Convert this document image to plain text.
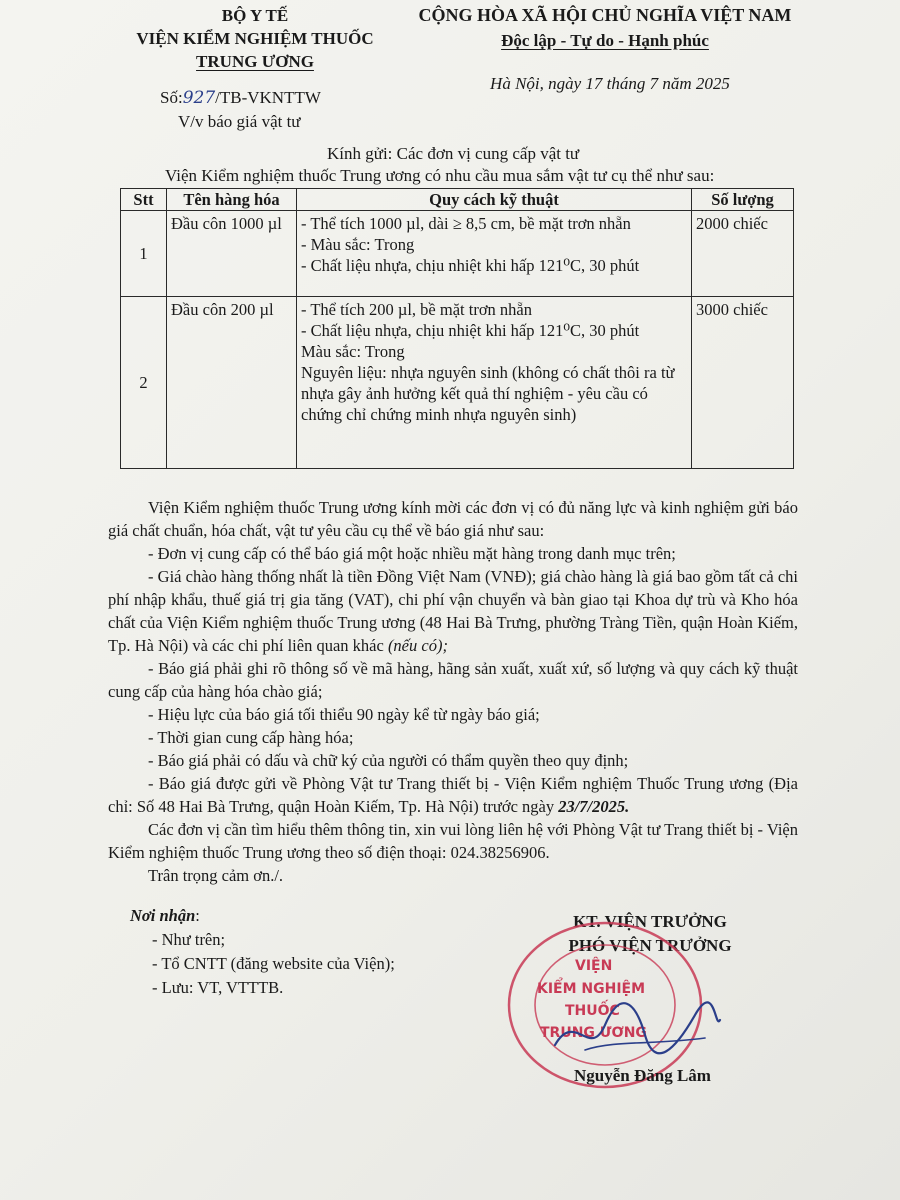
BỘ Y TẾ
VIỆN KIỂM NGHIỆM THUỐC
TRUNG ƯƠNG
CỘNG HÒA XÃ HỘI CHỦ NGHĨA VIỆT NAM
Độc lập - Tự do - Hạnh phúc
Hà Nội, ngày 17 tháng 7 năm 2025
Số:927/TB-VKNTTW
V/v báo giá vật tư
Kính gửi: Các đơn vị cung cấp vật tư
Viện Kiểm nghiệm thuốc Trung ương có nhu cầu mua sắm vật tư cụ thể như sau:
Stt	Tên hàng hóa	Quy cách kỹ thuật	Số lượng
1	Đầu côn 1000 µl	- Thể tích 1000 µl, dài ≥ 8,5 cm, bề mặt trơn nhẵn
- Màu sắc: Trong
- Chất liệu nhựa, chịu nhiệt khi hấp 121⁰C, 30 phút	2000 chiếc
2	Đầu côn 200 µl	- Thể tích 200 µl, bề mặt trơn nhẵn
- Chất liệu nhựa, chịu nhiệt khi hấp 121⁰C, 30 phút
Màu sắc: Trong
Nguyên liệu: nhựa nguyên sinh (không có chất thôi ra từ nhựa gây ảnh hưởng kết quả thí nghiệm - yêu cầu có chứng chỉ chứng minh nhựa nguyên sinh)	3000 chiếc

Viện Kiểm nghiệm thuốc Trung ương kính mời các đơn vị có đủ năng lực và kinh nghiệm gửi báo giá chất chuẩn, hóa chất, vật tư yêu cầu cụ thể về báo giá như sau:

- Đơn vị cung cấp có thể báo giá một hoặc nhiều mặt hàng trong danh mục trên;

- Giá chào hàng thống nhất là tiền Đồng Việt Nam (VNĐ); giá chào hàng là giá bao gồm tất cả chi phí nhập khẩu, thuế giá trị gia tăng (VAT), chi phí vận chuyển và bàn giao tại Khoa dự trù và Kho hóa chất của Viện Kiểm nghiệm thuốc Trung ương (48 Hai Bà Trưng, phường Tràng Tiền, quận Hoàn Kiếm, Tp. Hà Nội) và các chi phí liên quan khác (nếu có);

- Báo giá phải ghi rõ thông số về mã hàng, hãng sản xuất, xuất xứ, số lượng và quy cách kỹ thuật cung cấp của hàng hóa chào giá;

- Hiệu lực của báo giá tối thiểu 90 ngày kể từ ngày báo giá;

- Thời gian cung cấp hàng hóa;

- Báo giá phải có dấu và chữ ký của người có thẩm quyền theo quy định;

- Báo giá được gửi về Phòng Vật tư Trang thiết bị - Viện Kiểm nghiệm Thuốc Trung ương (Địa chỉ: Số 48 Hai Bà Trưng, quận Hoàn Kiếm, Tp. Hà Nội) trước ngày 23/7/2025.

Các đơn vị cần tìm hiểu thêm thông tin, xin vui lòng liên hệ với Phòng Vật tư Trang thiết bị - Viện Kiểm nghiệm thuốc Trung ương theo số điện thoại: 024.38256906.

Trân trọng cảm ơn./.

Nơi nhận:
- Như trên;
- Tổ CNTT (đăng website của Viện);
- Lưu: VT, VTTTB.
KT. VIỆN TRƯỞNG
PHÓ VIỆN TRƯỞNG
VIỆN
KIỂM NGHIỆM
THUỐC
TRUNG ƯƠNG
Nguyễn Đăng Lâm
